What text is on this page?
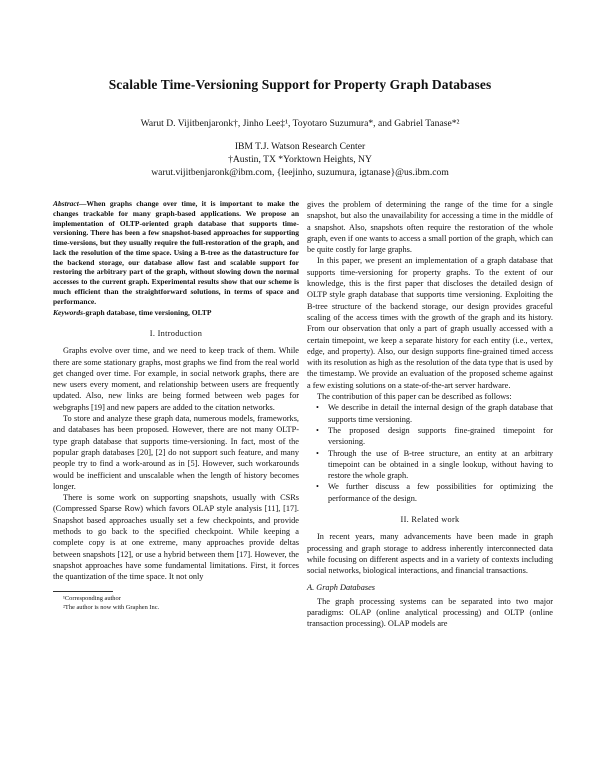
Scalable Time-Versioning Support for Property Graph Databases
Warut D. Vijitbenjaronk†, Jinho Lee‡¹, Toyotaro Suzumura*, and Gabriel Tanase*²
IBM T.J. Watson Research Center
†Austin, TX *Yorktown Heights, NY
warut.vijitbenjaronk@ibm.com, {leejinho, suzumura, igtanase}@us.ibm.com
Abstract—When graphs change over time, it is important to make the changes trackable for many graph-based applications. We propose an implementation of OLTP-oriented graph database that supports time-versioning. There has been a few snapshot-based approaches for supporting time-versions, but they usually require the full-restoration of the graph, and lack the resolution of the time space. Using a B-tree as the datastructure for the backend storage, our database allow fast and scalable support for restoring the arbitrary part of the graph, without slowing down the normal accesses to the current graph. Experimental results show that our scheme is much efficient than the straightforward solutions, in terms of space and performance.
Keywords-graph database, time versioning, OLTP
I. Introduction

Graphs evolve over time, and we need to keep track of them. While there are some stationary graphs, most graphs we find from the real world get changed over time. For example, in social network graphs, there are new users every moment, and relationship between users are frequently updated. Also, new links are being formed between web pages for webgraphs [19] and new papers are added to the citation networks.

To store and analyze these graph data, numerous models, frameworks, and databases has been proposed. However, there are not many OLTP-type graph database that supports time-versioning. In fact, most of the popular graph databases [20], [2] do not support such feature, and many people try to find a work-around as in [5]. However, such workarounds would be inefficient and unscalable when the length of history becomes longer.

There is some work on supporting snapshots, usually with CSRs (Compressed Sparse Row) which favors OLAP style analysis [11], [17]. Snapshot based approaches usually set a few checkpoints, and provide methods to go back to the specified checkpoint. While keeping a complete copy is at one extreme, many approaches provide deltas between snapshots [12], or use a hybrid between them [17]. However, the snapshot approaches have some fundamental limitations. First, it forces the quantization of the time space. It not only

¹Corresponding author
²The author is now with Graphen Inc.

gives the problem of determining the range of the time for a single snapshot, but also the unavailability for accessing a time in the middle of a snapshot. Also, snapshots often require the restoration of the whole graph, even if one wants to access a small portion of the graph, which can be quite costly for large graphs.

In this paper, we present an implementation of a graph database that supports time-versioning for property graphs. To the extent of our knowledge, this is the first paper that discloses the detailed design of OLTP style graph database that supports time versioning. Exploiting the B-tree structure of the backend storage, our design provides graceful scaling of the access times with the growth of the graph and its history. From our observation that only a part of graph usually accessed with a certain timepoint, we keep a separate history for each entity (i.e., vertex, edge, and property). Also, our design supports fine-grained timed access with its resolution as high as the resolution of the data type that is used by the timestamp. We provide an evaluation of the proposed scheme against a few existing solutions on a state-of-the-art server hardware.

The contribution of this paper can be described as follows:

• We describe in detail the internal design of the graph database that supports time versioning.
• The proposed design supports fine-grained timepoint for versioning.
• Through the use of B-tree structure, an entity at an arbitrary timepoint can be obtained in a single lookup, without having to restore the whole graph.
• We further discuss a few possibilities for optimizing the performance of the design.
II. Related work

In recent years, many advancements have been made in graph processing and graph storage to address inherently interconnected data while focusing on different aspects and in a variety of contexts including social networks, biological interactions, and financial transactions.

A. Graph Databases

The graph processing systems can be separated into two major paradigms: OLAP (online analytical processing) and OLTP (online transaction processing). OLAP models are
